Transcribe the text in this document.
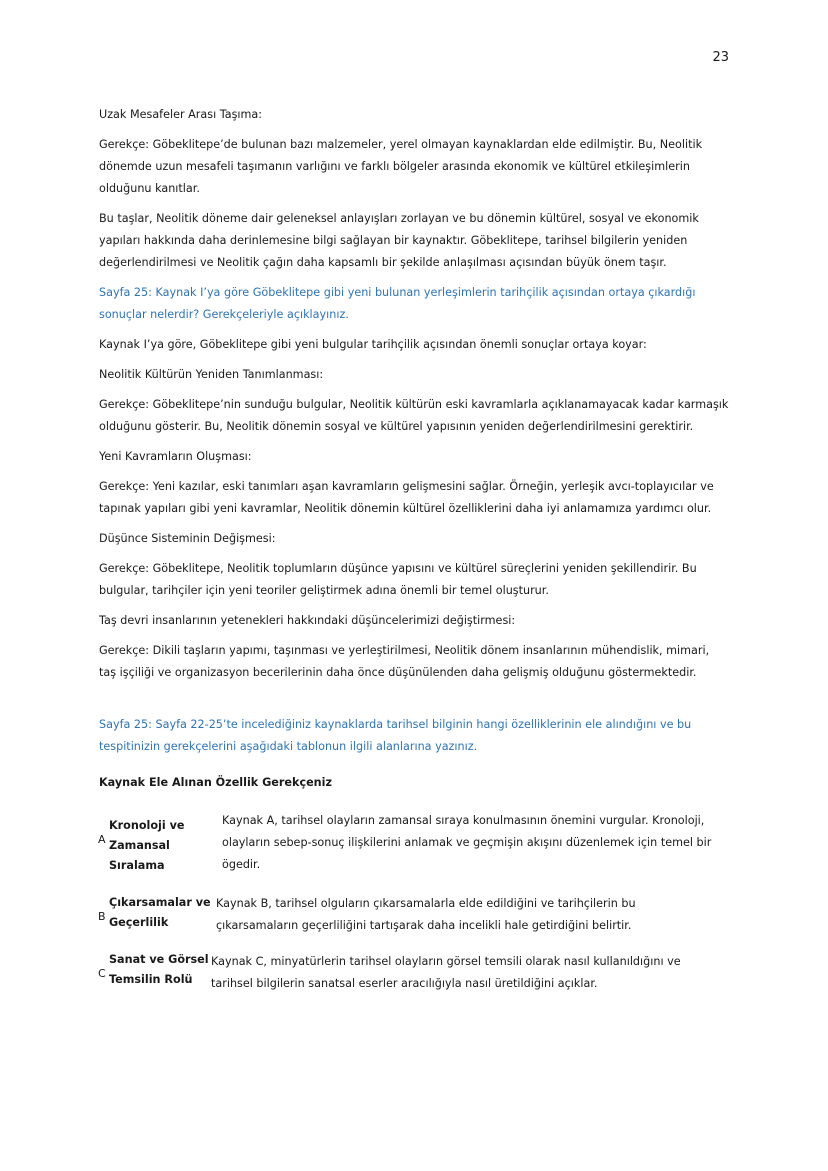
23

Uzak Mesafeler Arası Taşıma:

Gerekçe: Göbeklitepe’de bulunan bazı malzemeler, yerel olmayan kaynaklardan elde edilmiştir. Bu, Neolitik dönemde uzun mesafeli taşımanın varlığını ve farklı bölgeler arasında ekonomik ve kültürel etkileşimlerin olduğunu kanıtlar.

Bu taşlar, Neolitik döneme dair geleneksel anlayışları zorlayan ve bu dönemin kültürel, sosyal ve ekonomik yapıları hakkında daha derinlemesine bilgi sağlayan bir kaynaktır. Göbeklitepe, tarihsel bilgilerin yeniden değerlendirilmesi ve Neolitik çağın daha kapsamlı bir şekilde anlaşılması açısından büyük önem taşır.

Sayfa 25: Kaynak I’ya göre Göbeklitepe gibi yeni bulunan yerleşimlerin tarihçilik açısından ortaya çıkardığı sonuçlar nelerdir? Gerekçeleriyle açıklayınız.

Kaynak I’ya göre, Göbeklitepe gibi yeni bulgular tarihçilik açısından önemli sonuçlar ortaya koyar:

Neolitik Kültürün Yeniden Tanımlanması:

Gerekçe: Göbeklitepe’nin sunduğu bulgular, Neolitik kültürün eski kavramlarla açıklanamayacak kadar karmaşık olduğunu gösterir. Bu, Neolitik dönemin sosyal ve kültürel yapısının yeniden değerlendirilmesini gerektirir.

Yeni Kavramların Oluşması:

Gerekçe: Yeni kazılar, eski tanımları aşan kavramların gelişmesini sağlar. Örneğin, yerleşik avcı-toplayıcılar ve tapınak yapıları gibi yeni kavramlar, Neolitik dönemin kültürel özelliklerini daha iyi anlamamıza yardımcı olur.

Düşünce Sisteminin Değişmesi:

Gerekçe: Göbeklitepe, Neolitik toplumların düşünce yapısını ve kültürel süreçlerini yeniden şekillendirir. Bu bulgular, tarihçiler için yeni teoriler geliştirmek adına önemli bir temel oluşturur.

Taş devri insanlarının yetenekleri hakkındaki düşüncelerimizi değiştirmesi:

Gerekçe: Dikili taşların yapımı, taşınması ve yerleştirilmesi, Neolitik dönem insanlarının mühendislik, mimari, taş işçiliği ve organizasyon becerilerinin daha önce düşünülenden daha gelişmiş olduğunu göstermektedir.

Sayfa 25: Sayfa 22-25’te incelediğiniz kaynaklarda tarihsel bilginin hangi özelliklerinin ele alındığını ve bu tespitinizin gerekçelerini aşağıdaki tablonun ilgili alanlarına yazınız.

Kaynak Ele Alınan Özellik Gerekçeniz

A
Kronoloji ve Zamansal Sıralama
Kaynak A, tarihsel olayların zamansal sıraya konulmasının önemini vurgular. Kronoloji, olayların sebep-sonuç ilişkilerini anlamak ve geçmişin akışını düzenlemek için temel bir ögedir.
B
Çıkarsamalar ve Geçerlilik
Kaynak B, tarihsel olguların çıkarsamalarla elde edildiğini ve tarihçilerin bu çıkarsamaların geçerliliğini tartışarak daha incelikli hale getirdiğini belirtir.
C
Sanat ve Görsel Temsilin Rolü
Kaynak C, minyatürlerin tarihsel olayların görsel temsili olarak nasıl kullanıldığını ve tarihsel bilgilerin sanatsal eserler aracılığıyla nasıl üretildiğini açıklar.
